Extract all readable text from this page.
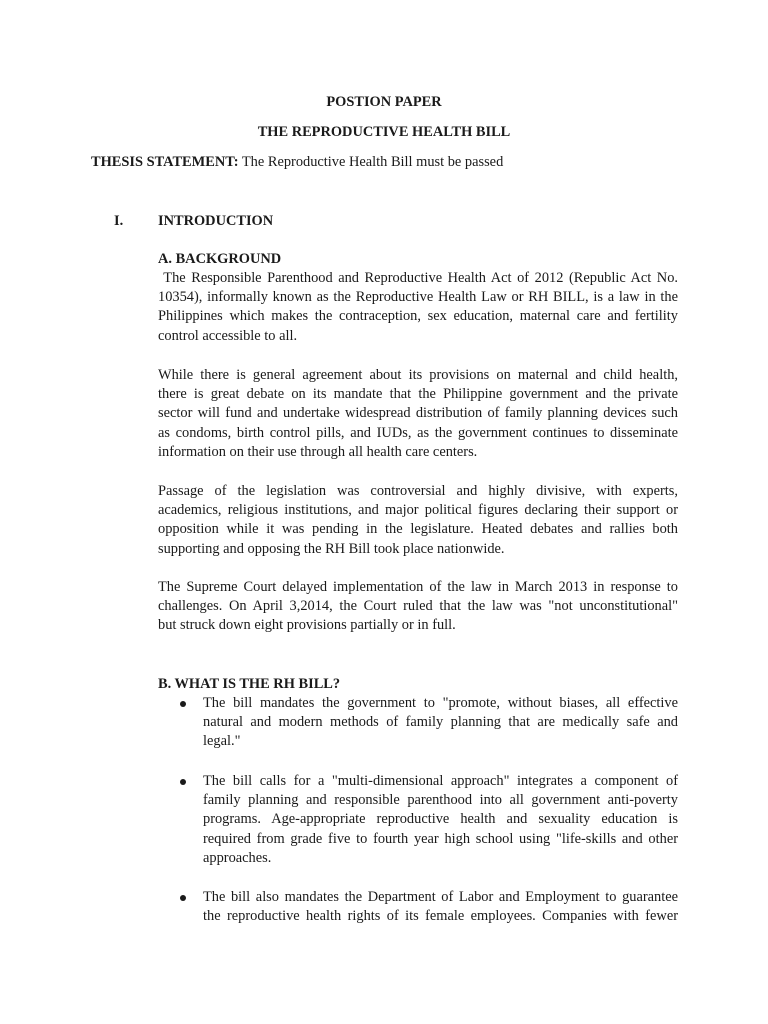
POSTION PAPER
THE REPRODUCTIVE HEALTH BILL
THESIS STATEMENT: The Reproductive Health Bill must be passed
I. INTRODUCTION
A. BACKGROUND
The Responsible Parenthood and Reproductive Health Act of 2012 (Republic Act No.
10354), informally known as the Reproductive Health Law or RH BILL, is a law in the
Philippines which makes the contraception, sex education, maternal care and fertility
control accessible to all.
While there is general agreement about its provisions on maternal and child health,
there is great debate on its mandate that the Philippine government and the private
sector will fund and undertake widespread distribution of family planning devices such
as condoms, birth control pills, and IUDs, as the government continues to disseminate
information on their use through all health care centers.
Passage of the legislation was controversial and highly divisive, with experts,
academics, religious institutions, and major political figures declaring their support or
opposition while it was pending in the legislature. Heated debates and rallies both
supporting and opposing the RH Bill took place nationwide.
The Supreme Court delayed implementation of the law in March 2013 in response to
challenges. On April 3,2014, the Court ruled that the law was "not unconstitutional"
but struck down eight provisions partially or in full.
B. WHAT IS THE RH BILL?
The bill mandates the government to "promote, without biases, all effective
natural and modern methods of family planning that are medically safe and
legal."
The bill calls for a "multi-dimensional approach" integrates a component of
family planning and responsible parenthood into all government anti-poverty
programs. Age-appropriate reproductive health and sexuality education is
required from grade five to fourth year high school using "life-skills and other
approaches.
The bill also mandates the Department of Labor and Employment to guarantee
the reproductive health rights of its female employees. Companies with fewer
